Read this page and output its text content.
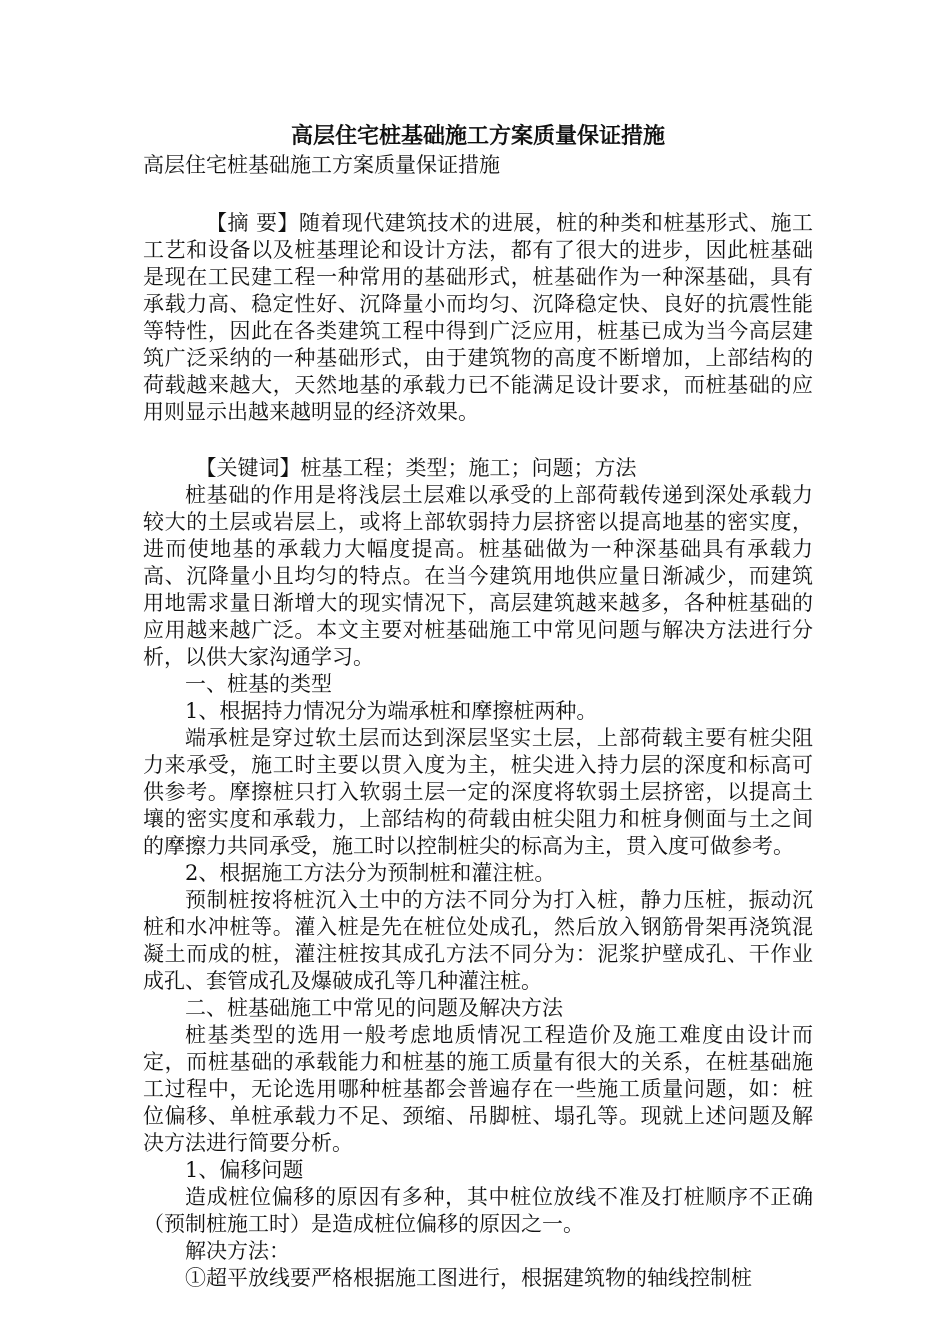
高层住宅桩基础施工方案质量保证措施

高层住宅桩基础施工方案质量保证措施

【摘 要】随着现代建筑技术的进展，桩的种类和桩基形式、施工工艺和设备以及桩基理论和设计方法，都有了很大的进步，因此桩基础是现在工民建工程一种常用的基础形式，桩基础作为一种深基础，具有承载力高、稳定性好、沉降量小而均匀、沉降稳定快、良好的抗震性能等特性，因此在各类建筑工程中得到广泛应用，桩基已成为当今高层建筑广泛采纳的一种基础形式，由于建筑物的高度不断增加，上部结构的荷载越来越大，天然地基的承载力已不能满足设计要求，而桩基础的应用则显示出越来越明显的经济效果。

【关键词】桩基工程；类型；施工；问题；方法

桩基础的作用是将浅层土层难以承受的上部荷载传递到深处承载力较大的土层或岩层上，或将上部软弱持力层挤密以提高地基的密实度，进而使地基的承载力大幅度提高。桩基础做为一种深基础具有承载力高、沉降量小且均匀的特点。在当今建筑用地供应量日渐减少，而建筑用地需求量日渐增大的现实情况下，高层建筑越来越多，各种桩基础的应用越来越广泛。本文主要对桩基础施工中常见问题与解决方法进行分析，以供大家沟通学习。

一、桩基的类型

1、根据持力情况分为端承桩和摩擦桩两种。

端承桩是穿过软土层而达到深层坚实土层，上部荷载主要有桩尖阻力来承受，施工时主要以贯入度为主，桩尖进入持力层的深度和标高可供参考。摩擦桩只打入软弱土层一定的深度将软弱土层挤密，以提高土壤的密实度和承载力，上部结构的荷载由桩尖阻力和桩身侧面与土之间的摩擦力共同承受，施工时以控制桩尖的标高为主，贯入度可做参考。

2、根据施工方法分为预制桩和灌注桩。

预制桩按将桩沉入土中的方法不同分为打入桩，静力压桩，振动沉桩和水冲桩等。灌入桩是先在桩位处成孔，然后放入钢筋骨架再浇筑混凝土而成的桩，灌注桩按其成孔方法不同分为：泥浆护壁成孔、干作业成孔、套管成孔及爆破成孔等几种灌注桩。

二、桩基础施工中常见的问题及解决方法

桩基类型的选用一般考虑地质情况工程造价及施工难度由设计而定，而桩基础的承载能力和桩基的施工质量有很大的关系，在桩基础施工过程中，无论选用哪种桩基都会普遍存在一些施工质量问题，如：桩位偏移、单桩承载力不足、颈缩、吊脚桩、塌孔等。现就上述问题及解决方法进行简要分析。

1、偏移问题

造成桩位偏移的原因有多种，其中桩位放线不准及打桩顺序不正确（预制桩施工时）是造成桩位偏移的原因之一。

解决方法：

①超平放线要严格根据施工图进行，根据建筑物的轴线控制桩
